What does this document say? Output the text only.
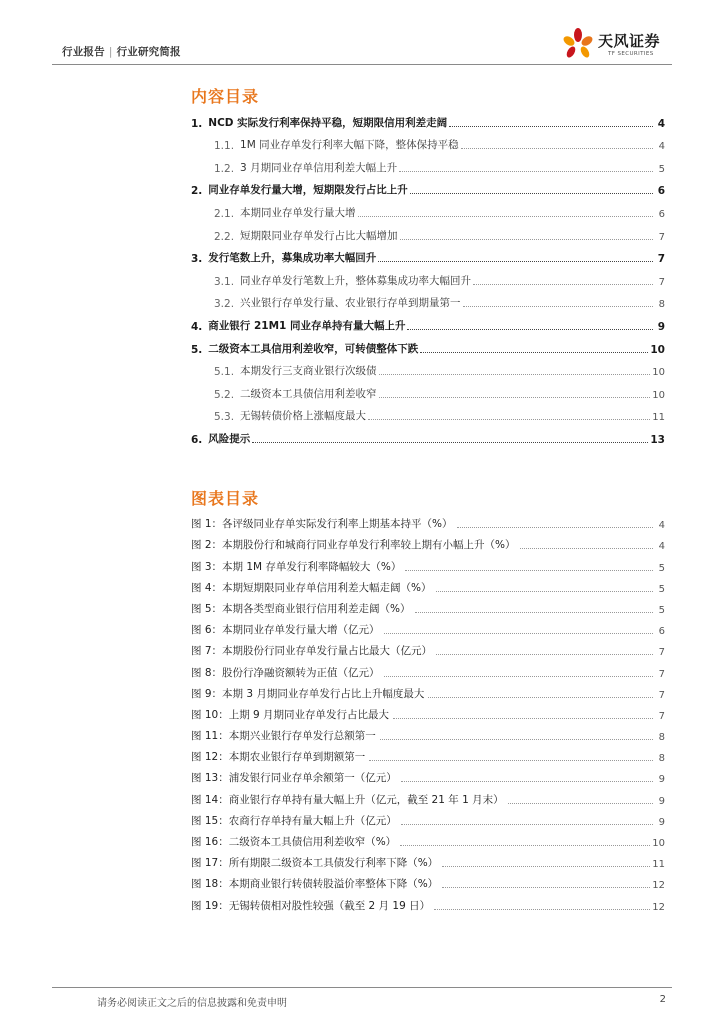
行业报告 | 行业研究简报
天风证券
TF SECURITIES
内容目录
1. NCD 实际发行利率保持平稳，短期限信用利差走阔	4
1.1. 1M 同业存单发行利率大幅下降，整体保持平稳	4
1.2. 3 月期同业存单信用利差大幅上升	5
2. 同业存单发行量大增，短期限发行占比上升	6
2.1. 本期同业存单发行量大增	6
2.2. 短期限同业存单发行占比大幅增加	7
3. 发行笔数上升，募集成功率大幅回升	7
3.1. 同业存单发行笔数上升，整体募集成功率大幅回升	7
3.2. 兴业银行存单发行量、农业银行存单到期量第一	8
4. 商业银行 21M1 同业存单持有量大幅上升	9
5. 二级资本工具信用利差收窄，可转债整体下跌	10
5.1. 本期发行三支商业银行次级债	10
5.2. 二级资本工具债信用利差收窄	10
5.3. 无锡转债价格上涨幅度最大	11
6. 风险提示	13
图表目录
图 1：各评级同业存单实际发行利率上期基本持平（%）	4
图 2：本期股份行和城商行同业存单发行利率较上期有小幅上升（%）	4
图 3：本期 1M 存单发行利率降幅较大（%）	5
图 4：本期短期限同业存单信用利差大幅走阔（%）	5
图 5：本期各类型商业银行信用利差走阔（%）	5
图 6：本期同业存单发行量大增（亿元）	6
图 7：本期股份行同业存单发行量占比最大（亿元）	7
图 8：股份行净融资额转为正值（亿元）	7
图 9：本期 3 月期同业存单发行占比上升幅度最大	7
图 10：上期 9 月期同业存单发行占比最大	7
图 11：本期兴业银行存单发行总额第一	8
图 12：本期农业银行存单到期额第一	8
图 13：浦发银行同业存单余额第一（亿元）	9
图 14：商业银行存单持有量大幅上升（亿元，截至 21 年 1 月末）	9
图 15：农商行存单持有量大幅上升（亿元）	9
图 16：二级资本工具债信用利差收窄（%）	10
图 17：所有期限二级资本工具债发行利率下降（%）	11
图 18：本期商业银行转债转股溢价率整体下降（%）	12
图 19：无锡转债相对股性较强（截至 2 月 19 日）	12
请务必阅读正文之后的信息披露和免责申明	2
